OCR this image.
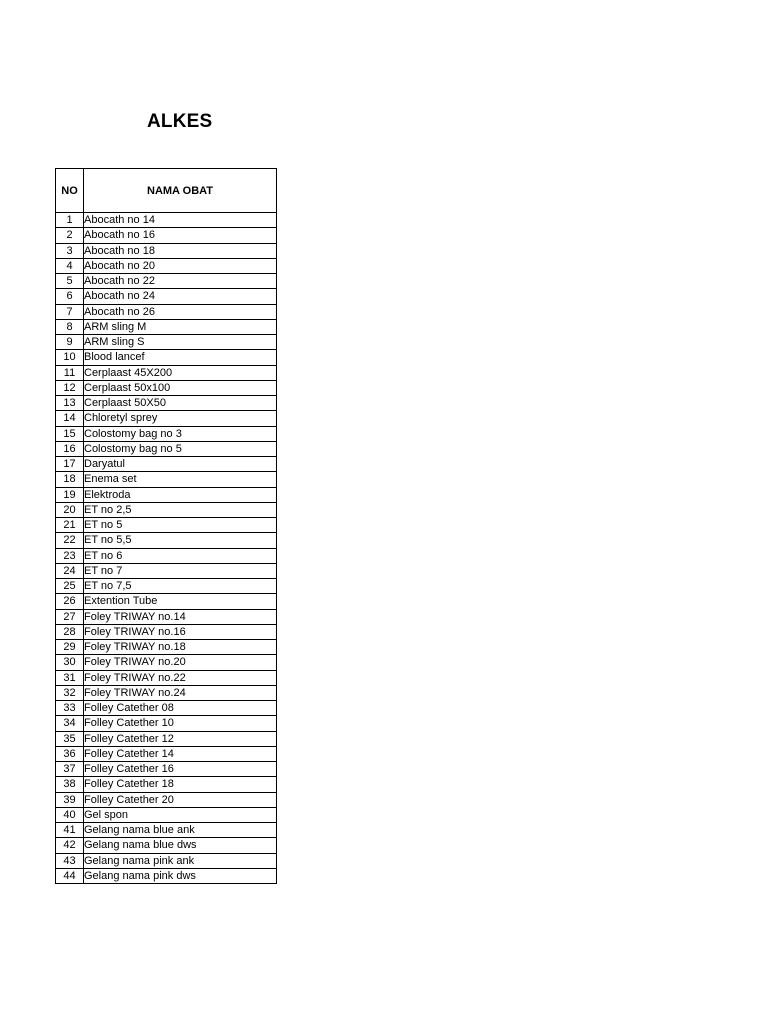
ALKES
NO	NAMA OBAT
1	Abocath no 14
2	Abocath no 16
3	Abocath no 18
4	Abocath no 20
5	Abocath no 22
6	Abocath no 24
7	Abocath no 26
8	ARM sling M
9	ARM sling S
10	Blood lancef
11	Cerplaast 45X200
12	Cerplaast 50x100
13	Cerplaast 50X50
14	Chloretyl sprey
15	Colostomy bag no 3
16	Colostomy bag no 5
17	Daryatul
18	Enema set
19	Elektroda
20	ET no 2,5
21	ET no 5
22	ET no 5,5
23	ET no 6
24	ET no 7
25	ET no 7,5
26	Extention Tube
27	Foley TRIWAY no.14
28	Foley TRIWAY no.16
29	Foley TRIWAY no.18
30	Foley TRIWAY no.20
31	Foley TRIWAY no.22
32	Foley TRIWAY no.24
33	Folley Catether 08
34	Folley Catether 10
35	Folley Catether 12
36	Folley Catether 14
37	Folley Catether 16
38	Folley Catether 18
39	Folley Catether 20
40	Gel spon
41	Gelang nama blue ank
42	Gelang nama blue dws
43	Gelang nama pink ank
44	Gelang nama pink dws
